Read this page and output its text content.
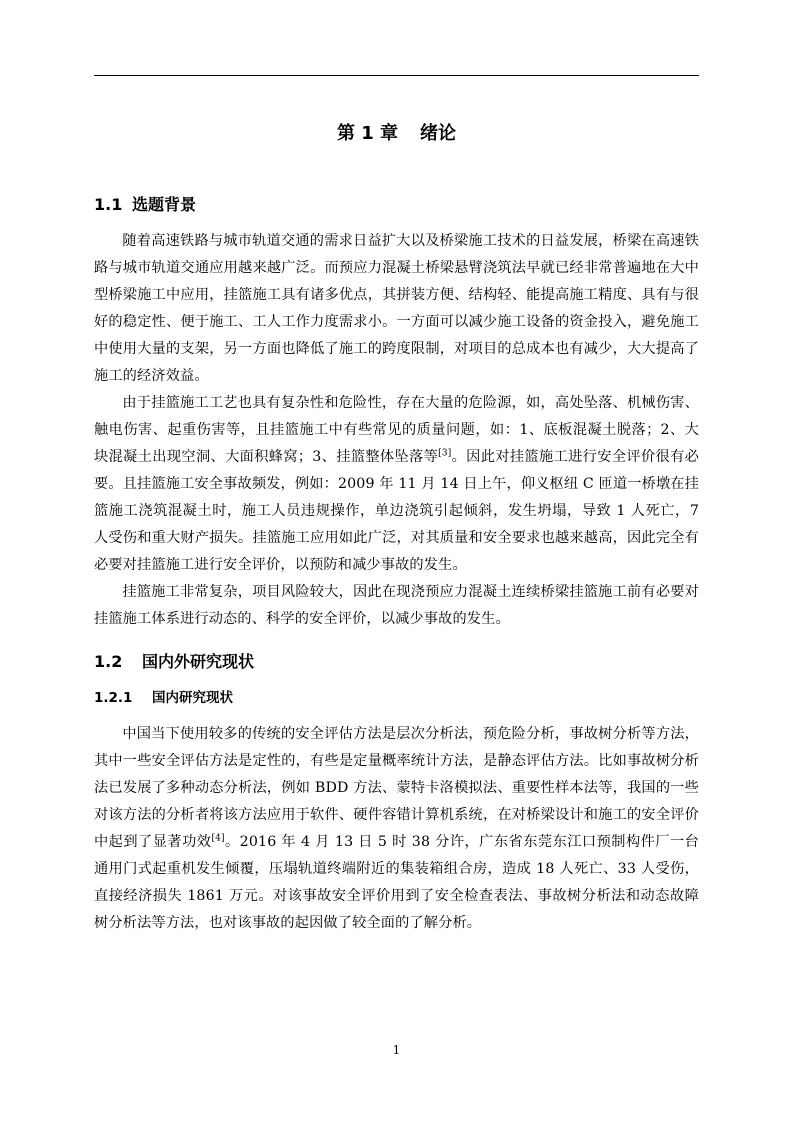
第 1 章 绪论
1.1 选题背景

随着高速铁路与城市轨道交通的需求日益扩大以及桥梁施工技术的日益发展，桥梁在高速铁路与城市轨道交通应用越来越广泛。而预应力混凝土桥梁悬臂浇筑法早就已经非常普遍地在大中型桥梁施工中应用，挂篮施工具有诸多优点，其拼装方便、结构轻、能提高施工精度、具有与很好的稳定性、便于施工、工人工作力度需求小。一方面可以减少施工设备的资金投入，避免施工中使用大量的支架，另一方面也降低了施工的跨度限制，对项目的总成本也有减少，大大提高了施工的经济效益。

由于挂篮施工工艺也具有复杂性和危险性，存在大量的危险源，如，高处坠落、机械伤害、触电伤害、起重伤害等，且挂篮施工中有些常见的质量问题，如：1、底板混凝土脱落；2、大块混凝土出现空洞、大面积蜂窝；3、挂篮整体坠落等[3]。因此对挂篮施工进行安全评价很有必要。且挂篮施工安全事故频发，例如：2009 年 11 月 14 日上午，仰义枢纽 C 匝道一桥墩在挂篮施工浇筑混凝土时，施工人员违规操作，单边浇筑引起倾斜，发生坍塌，导致 1 人死亡，7 人受伤和重大财产损失。挂篮施工应用如此广泛，对其质量和安全要求也越来越高，因此完全有必要对挂篮施工进行安全评价，以预防和减少事故的发生。

挂篮施工非常复杂，项目风险较大，因此在现浇预应力混凝土连续桥梁挂篮施工前有必要对挂篮施工体系进行动态的、科学的安全评价，以减少事故的发生。

1.2 国内外研究现状
1.2.1 国内研究现状

中国当下使用较多的传统的安全评估方法是层次分析法，预危险分析，事故树分析等方法，其中一些安全评估方法是定性的，有些是定量概率统计方法，是静态评估方法。比如事故树分析法已发展了多种动态分析法，例如 BDD 方法、蒙特卡洛模拟法、重要性样本法等，我国的一些对该方法的分析者将该方法应用于软件、硬件容错计算机系统，在对桥梁设计和施工的安全评价中起到了显著功效[4]。2016 年 4 月 13 日 5 时 38 分许，广东省东莞东江口预制构件厂一台通用门式起重机发生倾覆，压塌轨道终端附近的集装箱组合房，造成 18 人死亡、33 人受伤，直接经济损失 1861 万元。对该事故安全评价用到了安全检查表法、事故树分析法和动态故障树分析法等方法，也对该事故的起因做了较全面的了解分析。

1
